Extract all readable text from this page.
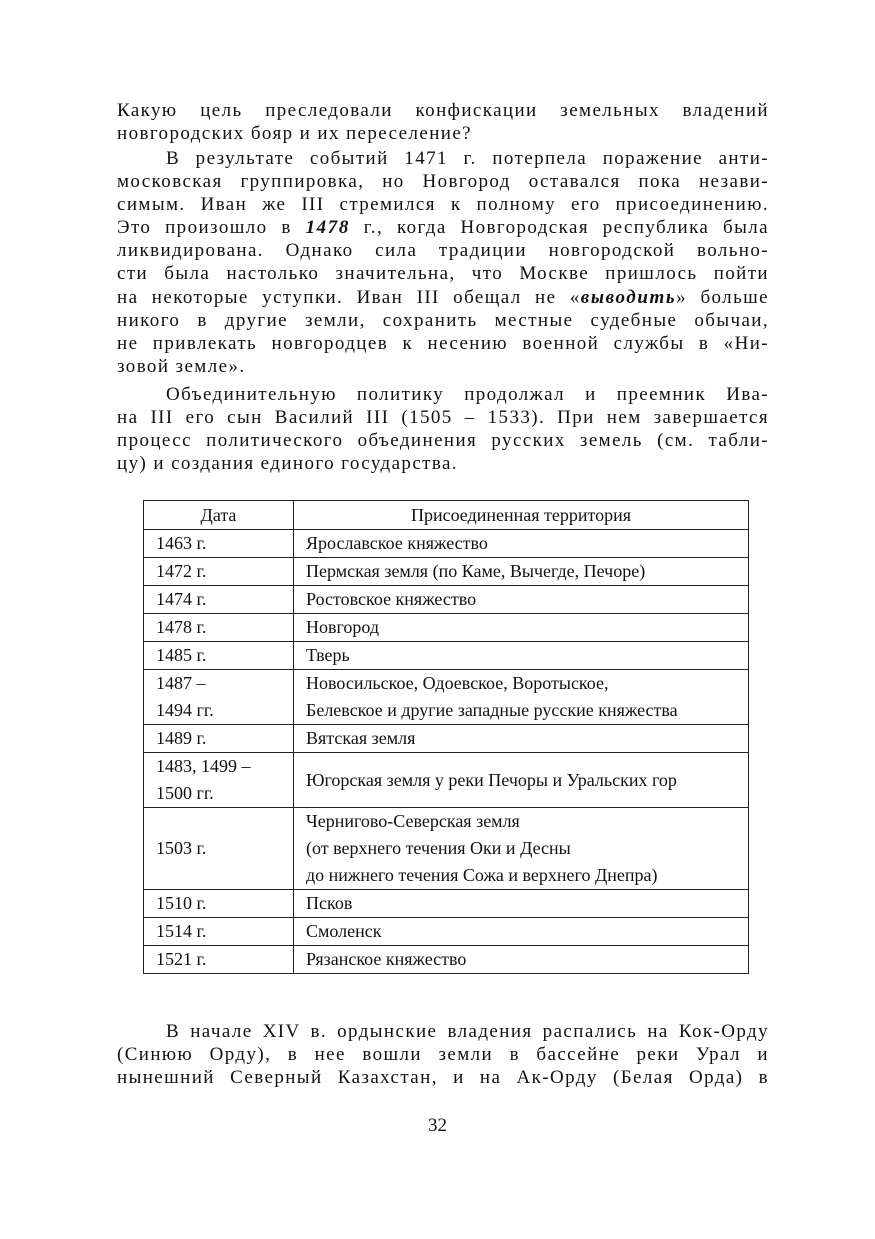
Какую цель преследовали конфискации земельных владений
новгородских бояр и их переселение?
В результате событий 1471 г. потерпела поражение анти-
московская группировка, но Новгород оставался пока незави-
симым. Иван же III стремился к полному его присоединению.
Это произошло в 1478 г., когда Новгородская республика была
ликвидирована. Однако сила традиции новгородской вольно-
сти была настолько значительна, что Москве пришлось пойти
на некоторые уступки. Иван III обещал не «выводить» больше
никого в другие земли, сохранить местные судебные обычаи,
не привлекать новгородцев к несению военной службы в «Ни-
зовой земле».
Объединительную политику продолжал и преемник Ива-
на III его сын Василий III (1505 – 1533). При нем завершается
процесс политического объединения русских земель (см. табли-
цу) и создания единого государства.
Дата	Присоединенная территория
1463 г.	Ярославское княжество
1472 г.	Пермская земля (по Каме, Вычегде, Печоре)
1474 г.	Ростовское княжество
1478 г.	Новгород
1485 г.	Тверь

1487 –
1494 гг.	Новосильское, Одоевское, Воротыское,
Белевское и другие западные русские княжества

1489 г.	Вятская земля

1483, 1499 –
1500 гг.	Югорская земля у реки Печоры и Уральских гор
1503 г.	Чернигово-Северская земля
(от верхнего течения Оки и Десны
до нижнего течения Сожа и верхнего Днепра)

1510 г.	Псков
1514 г.	Смоленск
1521 г.	Рязанское княжество
В начале XIV в. ордынские владения распались на Кок-Орду
(Синюю Орду), в нее вошли земли в бассейне реки Урал и
нынешний Северный Казахстан, и на Ак-Орду (Белая Орда) в
32
